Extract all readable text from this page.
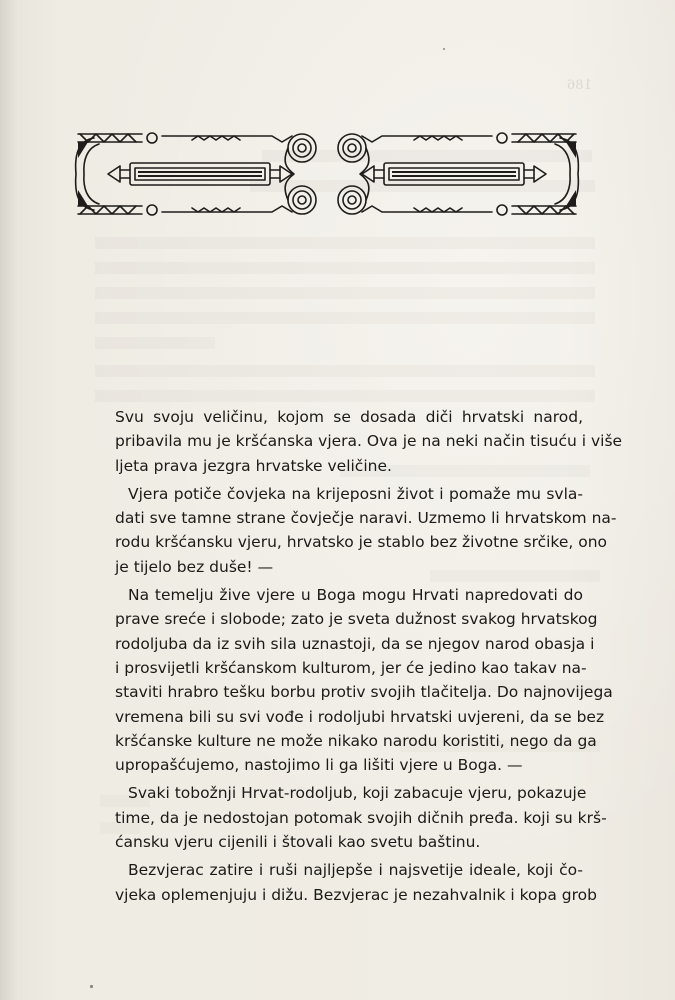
186
Svu svoju veličinu, kojom se dosada diči hrvatski narod,
pribavila mu je kršćanska vjera. Ova je na neki način tisuću i više
ljeta prava jezgra hrvatske veličine.
Vjera potiče čovjeka na krijeposni život i pomaže mu svla-
dati sve tamne strane čovječje naravi. Uzmemo li hrvatskom na-
rodu kršćansku vjeru, hrvatsko je stablo bez životne srčike, ono
je tijelo bez duše! —
Na temelju žive vjere u Boga mogu Hrvati napredovati do
prave sreće i slobode; zato je sveta dužnost svakog hrvatskog
rodoljuba da iz svih sila uznastoji, da se njegov narod obasja i
i prosvijetli kršćanskom kulturom, jer će jedino kao takav na-
staviti hrabro tešku borbu protiv svojih tlačitelja. Do najnovijega
vremena bili su svi vođe i rodoljubi hrvatski uvjereni, da se bez
kršćanske kulture ne može nikako narodu koristiti, nego da ga
upropašćujemo, nastojimo li ga lišiti vjere u Boga. —
Svaki tobožnji Hrvat-rodoljub, koji zabacuje vjeru, pokazuje
time, da je nedostojan potomak svojih dičnih pređa. koji su krš-
ćansku vjeru cijenili i štovali kao svetu baštinu.
Bezvjerac zatire i ruši najljepše i najsvetije ideale, koji čo-
vjeka oplemenjuju i dižu. Bezvjerac je nezahvalnik i kopa grob
